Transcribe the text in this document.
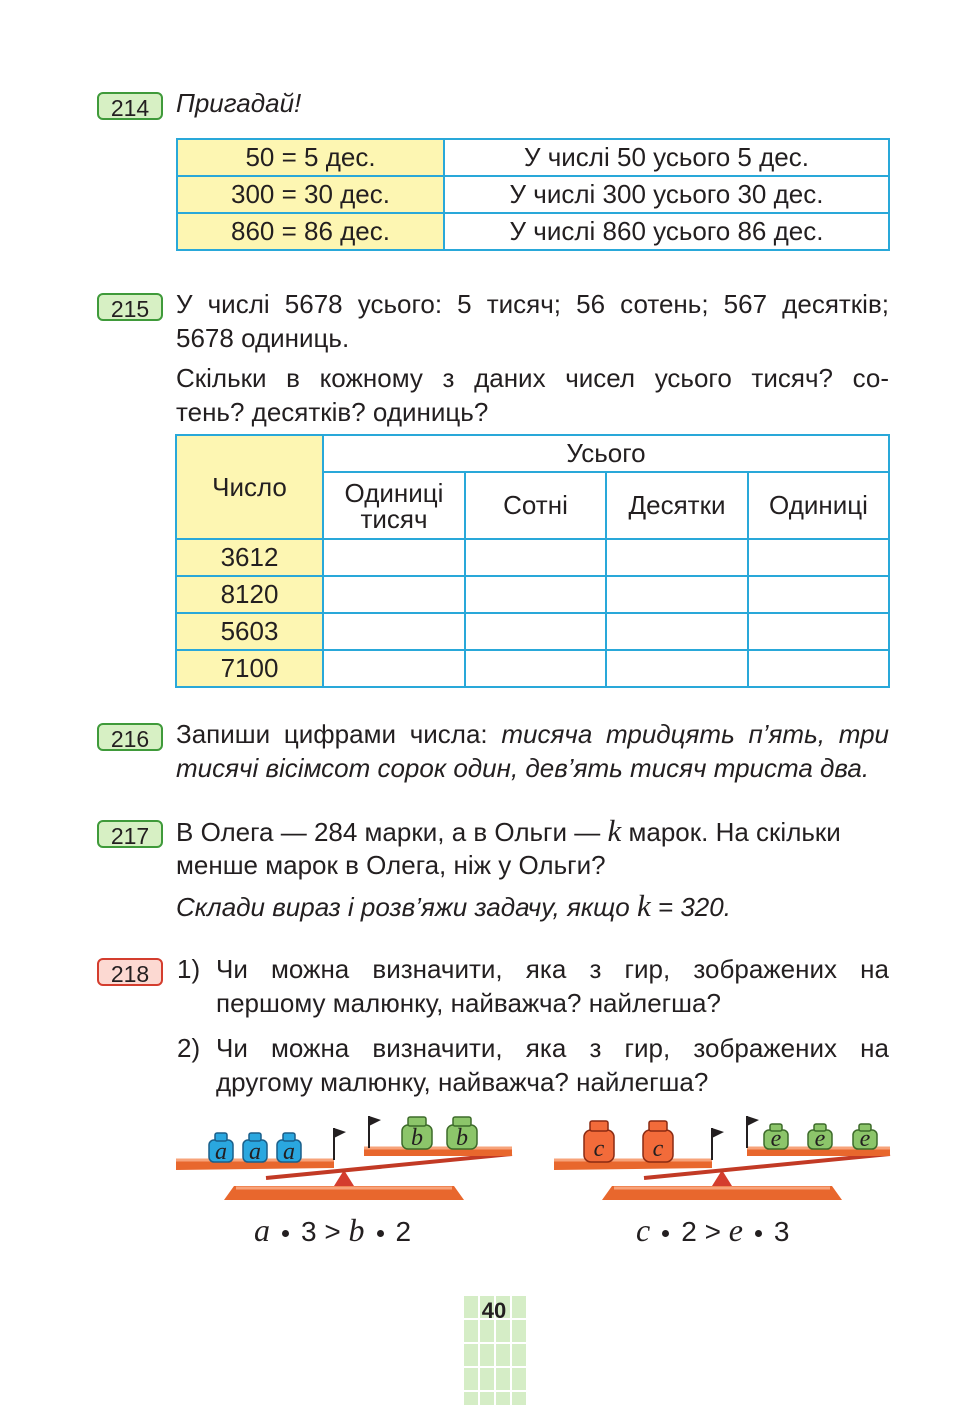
214	Пригадай!
50 = 5 дес.	У числі 50 усього 5 дес.
300 = 30 дес.	У числі 300 усього 30 дес.
860 = 86 дес.	У числі 860 усього 86 дес.
215	У числі 5678 усього: 5 тисяч; 56 сотень; 567 десятків;
5678 одиниць.
Скільки в кожному з даних чисел усього тисяч? со-
тень? десятків? одиниць?
Число	Усього			
	Одиниці тисяч	Сотні	Десятки	Одиниці
3612				
8120				
5603				
7100				
216	Запиши цифрами числа: тисяча тридцять п’ять, три
тисячі вісімсот сорок один, дев’ять тисяч триста два.
217	В Олега — 284 марки, а в Ольги — k марок. На скільки
менше марок в Олега, ніж у Ольги?
Склади вираз і розв’яжи задачу, якщо k = 320.
218	1) Чи можна визначити, яка з гир, зображених на
першому малюнку, найважча? найлегша?
2) Чи можна визначити, яка з гир, зображених на
другому малюнку, найважча? найлегша?
a a a
b b	c c	e e e
a 3 > b 2	c 2 > e 3
40
